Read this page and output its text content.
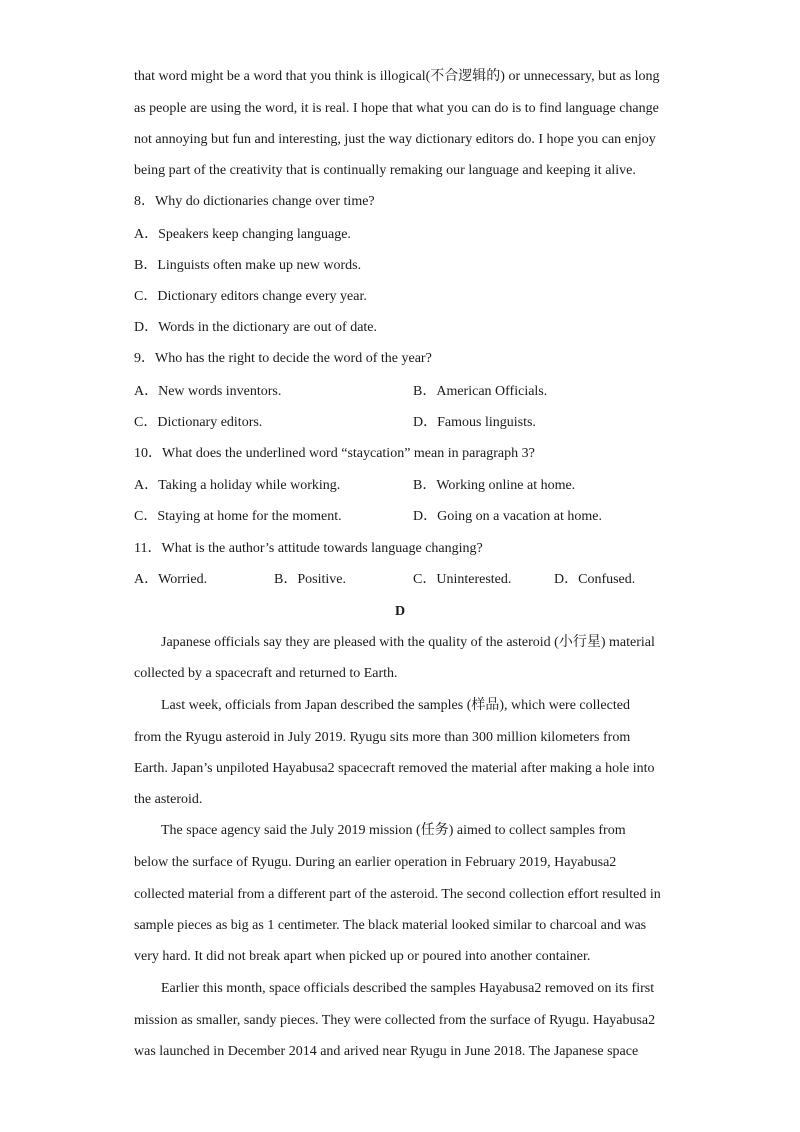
that word might be a word that you think is illogical(不合逻辑的) or unnecessary, but as long
as people are using the word, it is real. I hope that what you can do is to find language change
not annoying but fun and interesting, just the way dictionary editors do. I hope you can enjoy
being part of the creativity that is continually remaking our language and keeping it alive.
8．Why do dictionaries change over time?
A．Speakers keep changing language.
B．Linguists often make up new words.
C．Dictionary editors change every year.
D．Words in the dictionary are out of date.
9．Who has the right to decide the word of the year?
A．New words inventors.	B．American Officials.
C．Dictionary editors.	D．Famous linguists.
10．What does the underlined word “staycation” mean in paragraph 3?
A．Taking a holiday while working.	B．Working online at home.
C．Staying at home for the moment.	D．Going on a vacation at home.
11．What is the author’s attitude towards language changing?
A．Worried.	B．Positive.	C．Uninterested.	D．Confused.
D
Japanese officials say they are pleased with the quality of the asteroid (小行星) material
collected by a spacecraft and returned to Earth.
Last week, officials from Japan described the samples (样品), which were collected
from the Ryugu asteroid in July 2019. Ryugu sits more than 300 million kilometers from
Earth. Japan’s unpiloted Hayabusa2 spacecraft removed the material after making a hole into
the asteroid.
The space agency said the July 2019 mission (任务) aimed to collect samples from
below the surface of Ryugu. During an earlier operation in February 2019, Hayabusa2
collected material from a different part of the asteroid. The second collection effort resulted in
sample pieces as big as 1 centimeter. The black material looked similar to charcoal and was
very hard. It did not break apart when picked up or poured into another container.
Earlier this month, space officials described the samples Hayabusa2 removed on its first
mission as smaller, sandy pieces. They were collected from the surface of Ryugu. Hayabusa2
was launched in December 2014 and arived near Ryugu in June 2018. The Japanese space
